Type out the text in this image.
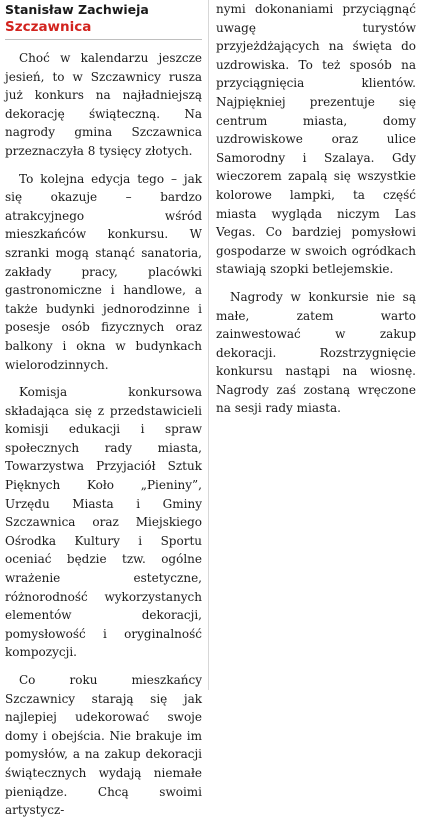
Stanisław Zachwieja
Szczawnica

Choć w kalendarzu jeszcze jesień, to w Szczawnicy rusza już konkurs na najładniejszą dekorację świąteczną. Na nagrody gmina Szczawnica przeznaczyła 8 tysięcy złotych.

To kolejna edycja tego – jak się okazuje – bardzo atrakcyjnego wśród mieszkańców konkursu. W szranki mogą stanąć sanatoria, zakłady pracy, placówki gastronomiczne i handlowe, a także budynki jednorodzinne i posesje osób fizycznych oraz balkony i okna w budynkach wielorodzinnych.

Komisja konkursowa składająca się z przedstawicieli komisji edukacji i spraw społecznych rady miasta, Towarzystwa Przyjaciół Sztuk Pięknych Koło „Pieniny”, Urzędu Miasta i Gminy Szczawnica oraz Miejskiego Ośrodka Kultury i Sportu oceniać będzie tzw. ogólne wrażenie estetyczne, różnorodność wykorzystanych elementów dekoracji, pomysłowość i oryginalność kompozycji.

Co roku mieszkańcy Szczawnicy starają się jak najlepiej udekorować swoje domy i obejścia. Nie brakuje im pomysłów, a na zakup dekoracji świątecznych wydają niemałe pieniądze. Chcą swoimi artystycz-

nymi dokonaniami przyciągnąć uwagę turystów przyjeżdżających na święta do uzdrowiska. To też sposób na przyciągnięcia klientów. Najpiękniej prezentuje się centrum miasta, domy uzdrowiskowe oraz ulice Samorodny i Szalaya. Gdy wieczorem zapalą się wszystkie kolorowe lampki, ta część miasta wygląda niczym Las Vegas. Co bardziej pomysłowi gospodarze w swoich ogródkach stawiają szopki betlejemskie.

Nagrody w konkursie nie są małe, zatem warto zainwestować w zakup dekoracji. Rozstrzygnięcie konkursu nastąpi na wiosnę. Nagrody zaś zostaną wręczone na sesji rady miasta.
